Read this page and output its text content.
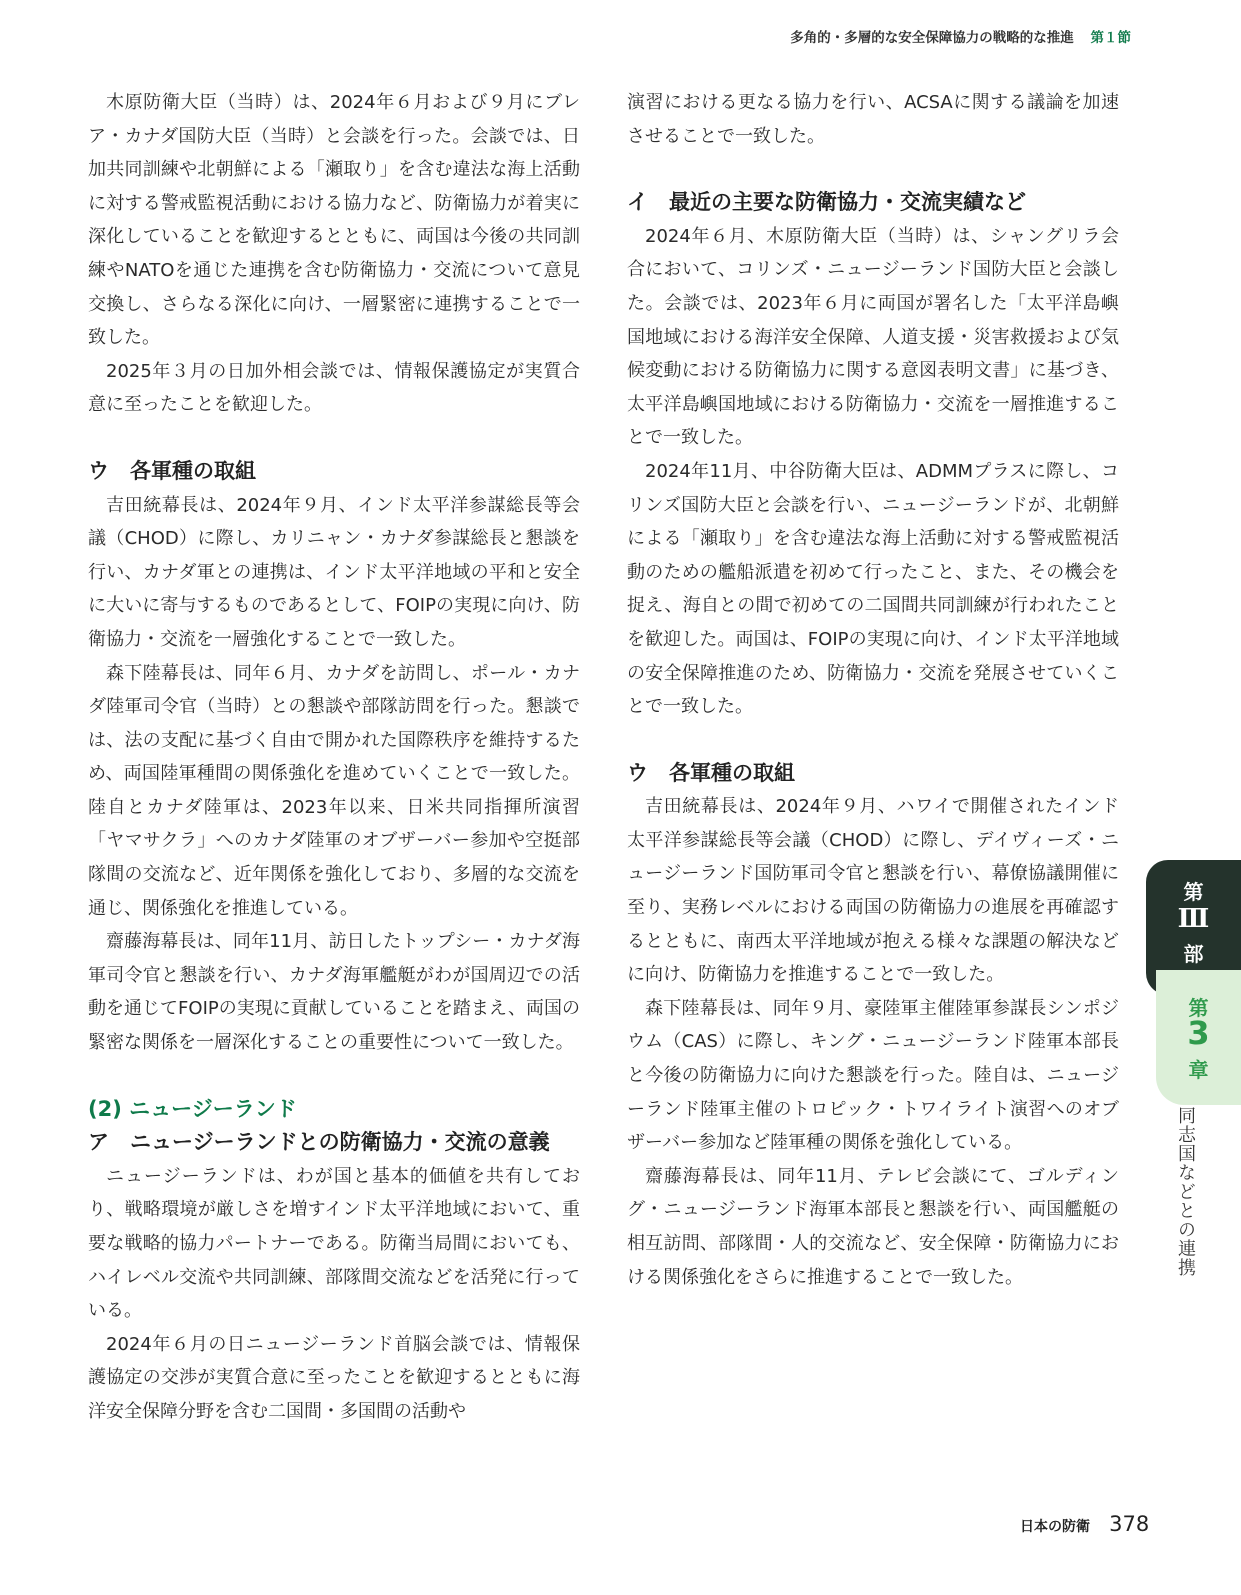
多角的・多層的な安全保障協力の戦略的な推進 第１節

木原防衛大臣（当時）は、2024年６月および９月にブレア・カナダ国防大臣（当時）と会談を行った。会談では、日加共同訓練や北朝鮮による「瀬取り」を含む違法な海上活動に対する警戒監視活動における協力など、防衛協力が着実に深化していることを歓迎するとともに、両国は今後の共同訓練やNATOを通じた連携を含む防衛協力・交流について意見交換し、さらなる深化に向け、一層緊密に連携することで一致した。

2025年３月の日加外相会談では、情報保護協定が実質合意に至ったことを歓迎した。

ウ　各軍種の取組

吉田統幕長は、2024年９月、インド太平洋参謀総長等会議（CHOD）に際し、カリニャン・カナダ参謀総長と懇談を行い、カナダ軍との連携は、インド太平洋地域の平和と安全に大いに寄与するものであるとして、FOIPの実現に向け、防衛協力・交流を一層強化することで一致した。

森下陸幕長は、同年６月、カナダを訪問し、ポール・カナダ陸軍司令官（当時）との懇談や部隊訪問を行った。懇談では、法の支配に基づく自由で開かれた国際秩序を維持するため、両国陸軍種間の関係強化を進めていくことで一致した。陸自とカナダ陸軍は、2023年以来、日米共同指揮所演習「ヤマサクラ」へのカナダ陸軍のオブザーバー参加や空挺部隊間の交流など、近年関係を強化しており、多層的な交流を通じ、関係強化を推進している。

齋藤海幕長は、同年11月、訪日したトップシー・カナダ海軍司令官と懇談を行い、カナダ海軍艦艇がわが国周辺での活動を通じてFOIPの実現に貢献していることを踏まえ、両国の緊密な関係を一層深化することの重要性について一致した。

(2) ニュージーランド
ア　ニュージーランドとの防衛協力・交流の意義

ニュージーランドは、わが国と基本的価値を共有しており、戦略環境が厳しさを増すインド太平洋地域において、重要な戦略的協力パートナーである。防衛当局間においても、ハイレベル交流や共同訓練、部隊間交流などを活発に行っている。

2024年６月の日ニュージーランド首脳会談では、情報保護協定の交渉が実質合意に至ったことを歓迎するとともに海洋安全保障分野を含む二国間・多国間の活動や

演習における更なる協力を行い、ACSAに関する議論を加速させることで一致した。

イ　最近の主要な防衛協力・交流実績など

2024年６月、木原防衛大臣（当時）は、シャングリラ会合において、コリンズ・ニュージーランド国防大臣と会談した。会談では、2023年６月に両国が署名した「太平洋島嶼国地域における海洋安全保障、人道支援・災害救援および気候変動における防衛協力に関する意図表明文書」に基づき、太平洋島嶼国地域における防衛協力・交流を一層推進することで一致した。

2024年11月、中谷防衛大臣は、ADMMプラスに際し、コリンズ国防大臣と会談を行い、ニュージーランドが、北朝鮮による「瀬取り」を含む違法な海上活動に対する警戒監視活動のための艦船派遣を初めて行ったこと、また、その機会を捉え、海自との間で初めての二国間共同訓練が行われたことを歓迎した。両国は、FOIPの実現に向け、インド太平洋地域の安全保障推進のため、防衛協力・交流を発展させていくことで一致した。

ウ　各軍種の取組

吉田統幕長は、2024年９月、ハワイで開催されたインド太平洋参謀総長等会議（CHOD）に際し、デイヴィーズ・ニュージーランド国防軍司令官と懇談を行い、幕僚協議開催に至り、実務レベルにおける両国の防衛協力の進展を再確認するとともに、南西太平洋地域が抱える様々な課題の解決などに向け、防衛協力を推進することで一致した。

森下陸幕長は、同年９月、豪陸軍主催陸軍参謀長シンポジウム（CAS）に際し、キング・ニュージーランド陸軍本部長と今後の防衛協力に向けた懇談を行った。陸自は、ニュージーランド陸軍主催のトロピック・トワイライト演習へのオブザーバー参加など陸軍種の関係を強化している。

齋藤海幕長は、同年11月、テレビ会談にて、ゴルディング・ニュージーランド海軍本部長と懇談を行い、両国艦艇の相互訪問、部隊間・人的交流など、安全保障・防衛協力における関係強化をさらに推進することで一致した。

第
Ⅲ
部
第
3
章
同志国などとの連携
日本の防衛 378
